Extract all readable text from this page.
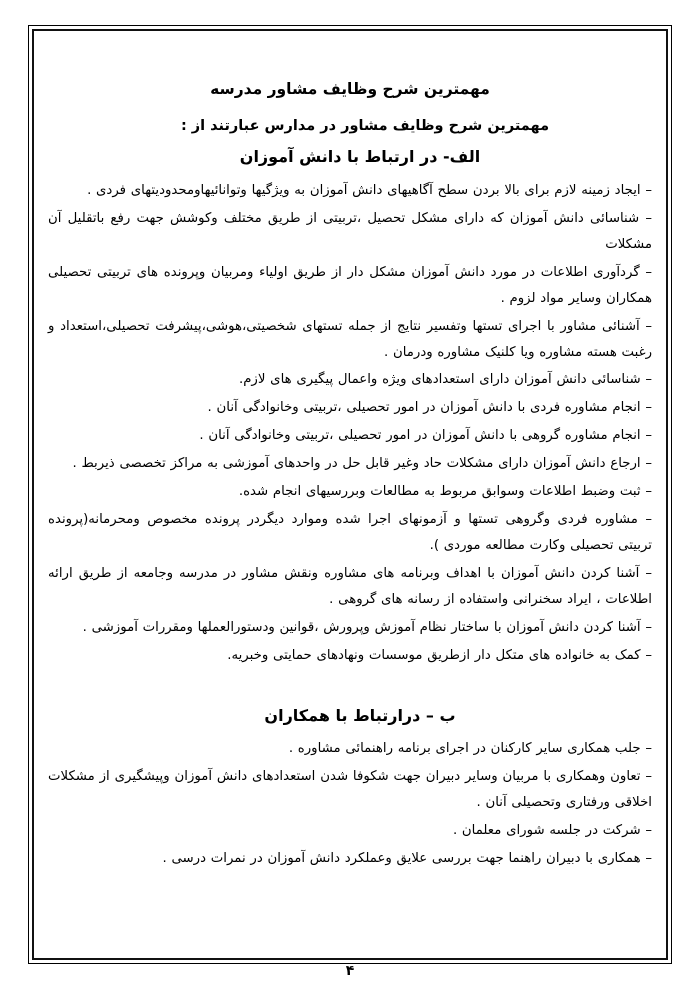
مهمترین شرح وظایف مشاور مدرسه
مهمترین شرح وظایف مشاور در مدارس عبارتند از :
الف- در ارتباط با دانش آموزان

– ایجاد زمینه لازم برای بالا بردن سطح آگاهیهای دانش آموزان به ویژگیها وتوانائیهاومحدودیتهای فردی .

– شناسائی دانش آموزان که دارای مشکل تحصیل ،تربیتی از طریق مختلف وکوشش جهت رفع باتقلیل آن مشکلات

– گردآوری اطلاعات در مورد دانش آموزان مشکل دار از طریق اولیاء ومربیان وپرونده های تربیتی تحصیلی همکاران وسایر مواد لزوم .

– آشنائی مشاور با اجرای تستها وتفسیر نتایج از جمله تستهای شخصیتی،هوشی،پیشرفت تحصیلی،استعداد و رغبت هسته مشاوره ویا کلنیک مشاوره ودرمان .

– شناسائی دانش آموزان دارای استعدادهای ویژه واعمال پیگیری های لازم.

– انجام مشاوره فردی با دانش آموزان در امور تحصیلی ،تربیتی وخانوادگی آنان .

– انجام مشاوره گروهی با دانش آموزان در امور تحصیلی ،تربیتی وخانوادگی آنان .

– ارجاع دانش آموزان دارای مشکلات حاد وغیر قابل حل در واحدهای آموزشی به مراکز تخصصی ذیربط .

– ثبت وضبط اطلاعات وسوابق مربوط به مطالعات وبررسیهای انجام شده.

– مشاوره فردی وگروهی تستها و آزمونهای اجرا شده وموارد دیگردر پرونده مخصوص ومحرمانه(پرونده تربیتی تحصیلی وکارت مطالعه موردی ).

– آشنا کردن دانش آموزان با اهداف وبرنامه های مشاوره ونقش مشاور در مدرسه وجامعه از طریق ارائه اطلاعات ، ایراد سخنرانی واستفاده از رسانه های گروهی .

– آشنا کردن دانش آموزان با ساختار نظام آموزش وپرورش ،قوانین ودستورالعملها ومقررات آموزشی .

– کمک به خانواده های متکل دار ازطریق موسسات ونهادهای حمایتی وخبریه.

ب – درارتباط با همکاران

– جلب همکاری سایر کارکنان در اجرای برنامه راهنمائی مشاوره .

– تعاون وهمکاری با مربیان وسایر دبیران جهت شکوفا شدن استعدادهای دانش آموزان وپیشگیری از مشکلات اخلاقی ورفتاری وتحصیلی آنان .

– شرکت در جلسه شورای معلمان .

– همکاری با دبیران راهنما جهت بررسی علایق وعملکرد دانش آموزان در نمرات درسی .

۴
